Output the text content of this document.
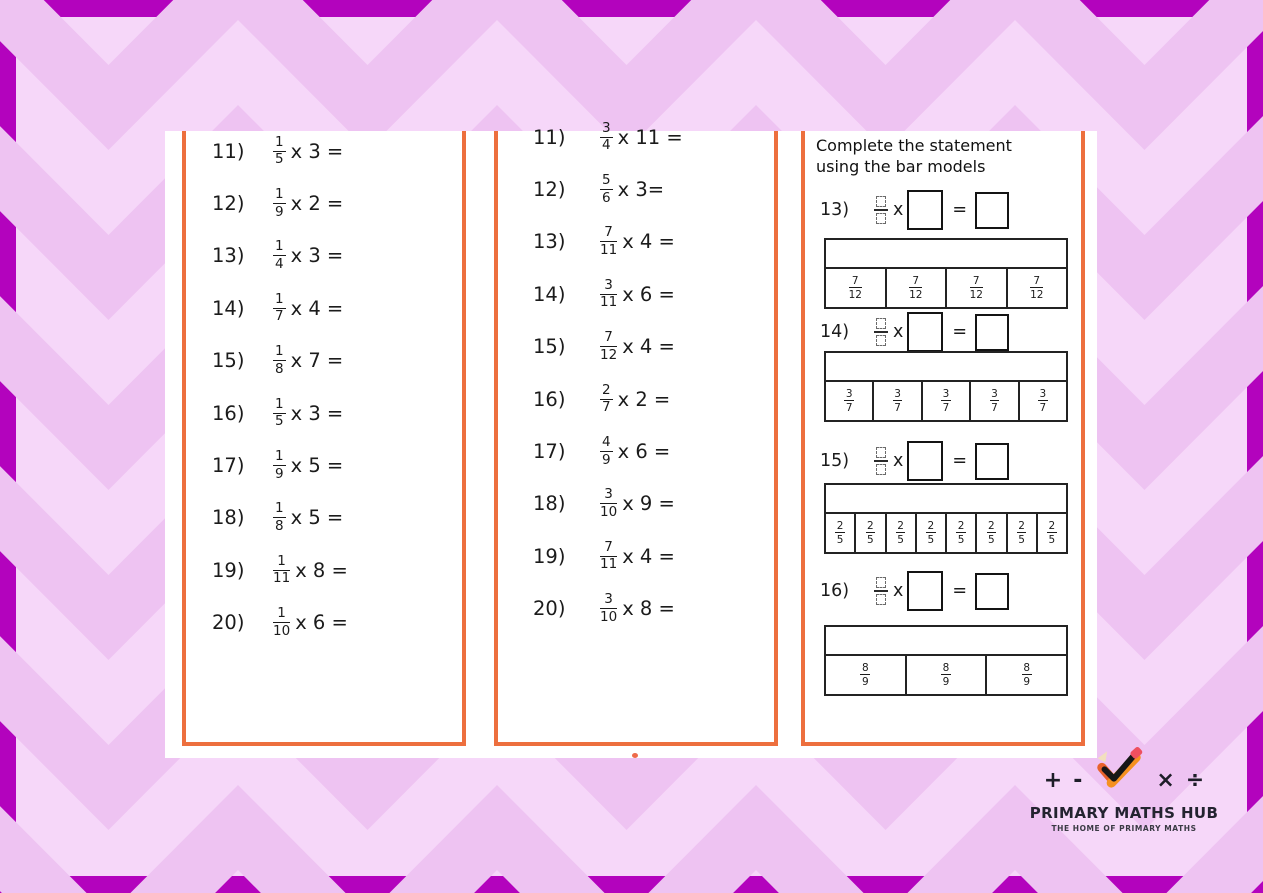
11)	$\frac{1}{5}$ x 3 =
12)	$\frac{1}{9}$ x 2 =
13)	$\frac{1}{4}$ x 3 =
14)	$\frac{1}{7}$ x 4 =
15)	$\frac{1}{8}$ x 7 =
16)	$\frac{1}{5}$ x 3 =
17)	$\frac{1}{9}$ x 5 =
18)	$\frac{1}{8}$ x 5 =
19)	$\frac{1}{11}$ x 8 =
20)	$\frac{1}{10}$ x 6 =
11)	$\frac{3}{4}$ x 11 =
12)	$\frac{5}{6}$ x 3=
13)	$\frac{7}{11}$ x 4 =
14)	$\frac{3}{11}$ x 6 =
15)	$\frac{7}{12}$ x 4 =
16)	$\frac{2}{7}$ x 2 =
17)	$\frac{4}{9}$ x 6 =
18)	$\frac{3}{10}$ x 9 =
19)	$\frac{7}{11}$ x 4 =
20)	$\frac{3}{10}$ x 8 =
Complete the statement
using the bar models
13)	x	=
$\frac{7}{12}$	$\frac{7}{12}$	$\frac{7}{12}$	$\frac{7}{12}$
14)	x	=
$\frac{3}{7}$	$\frac{3}{7}$	$\frac{3}{7}$	$\frac{3}{7}$	$\frac{3}{7}$
15)	x	=
$\frac{2}{5} \frac{2}{5} \frac{2}{5} \frac{2}{5} \frac{2}{5} \frac{2}{5} \frac{2}{5} \frac{2}{5}$
16)	x	=
$\frac{8}{9}$	$\frac{8}{9}$	$\frac{8}{9}$
+ -	× ÷
PRIMARY MATHS HUB
THE HOME OF PRIMARY MATHS
